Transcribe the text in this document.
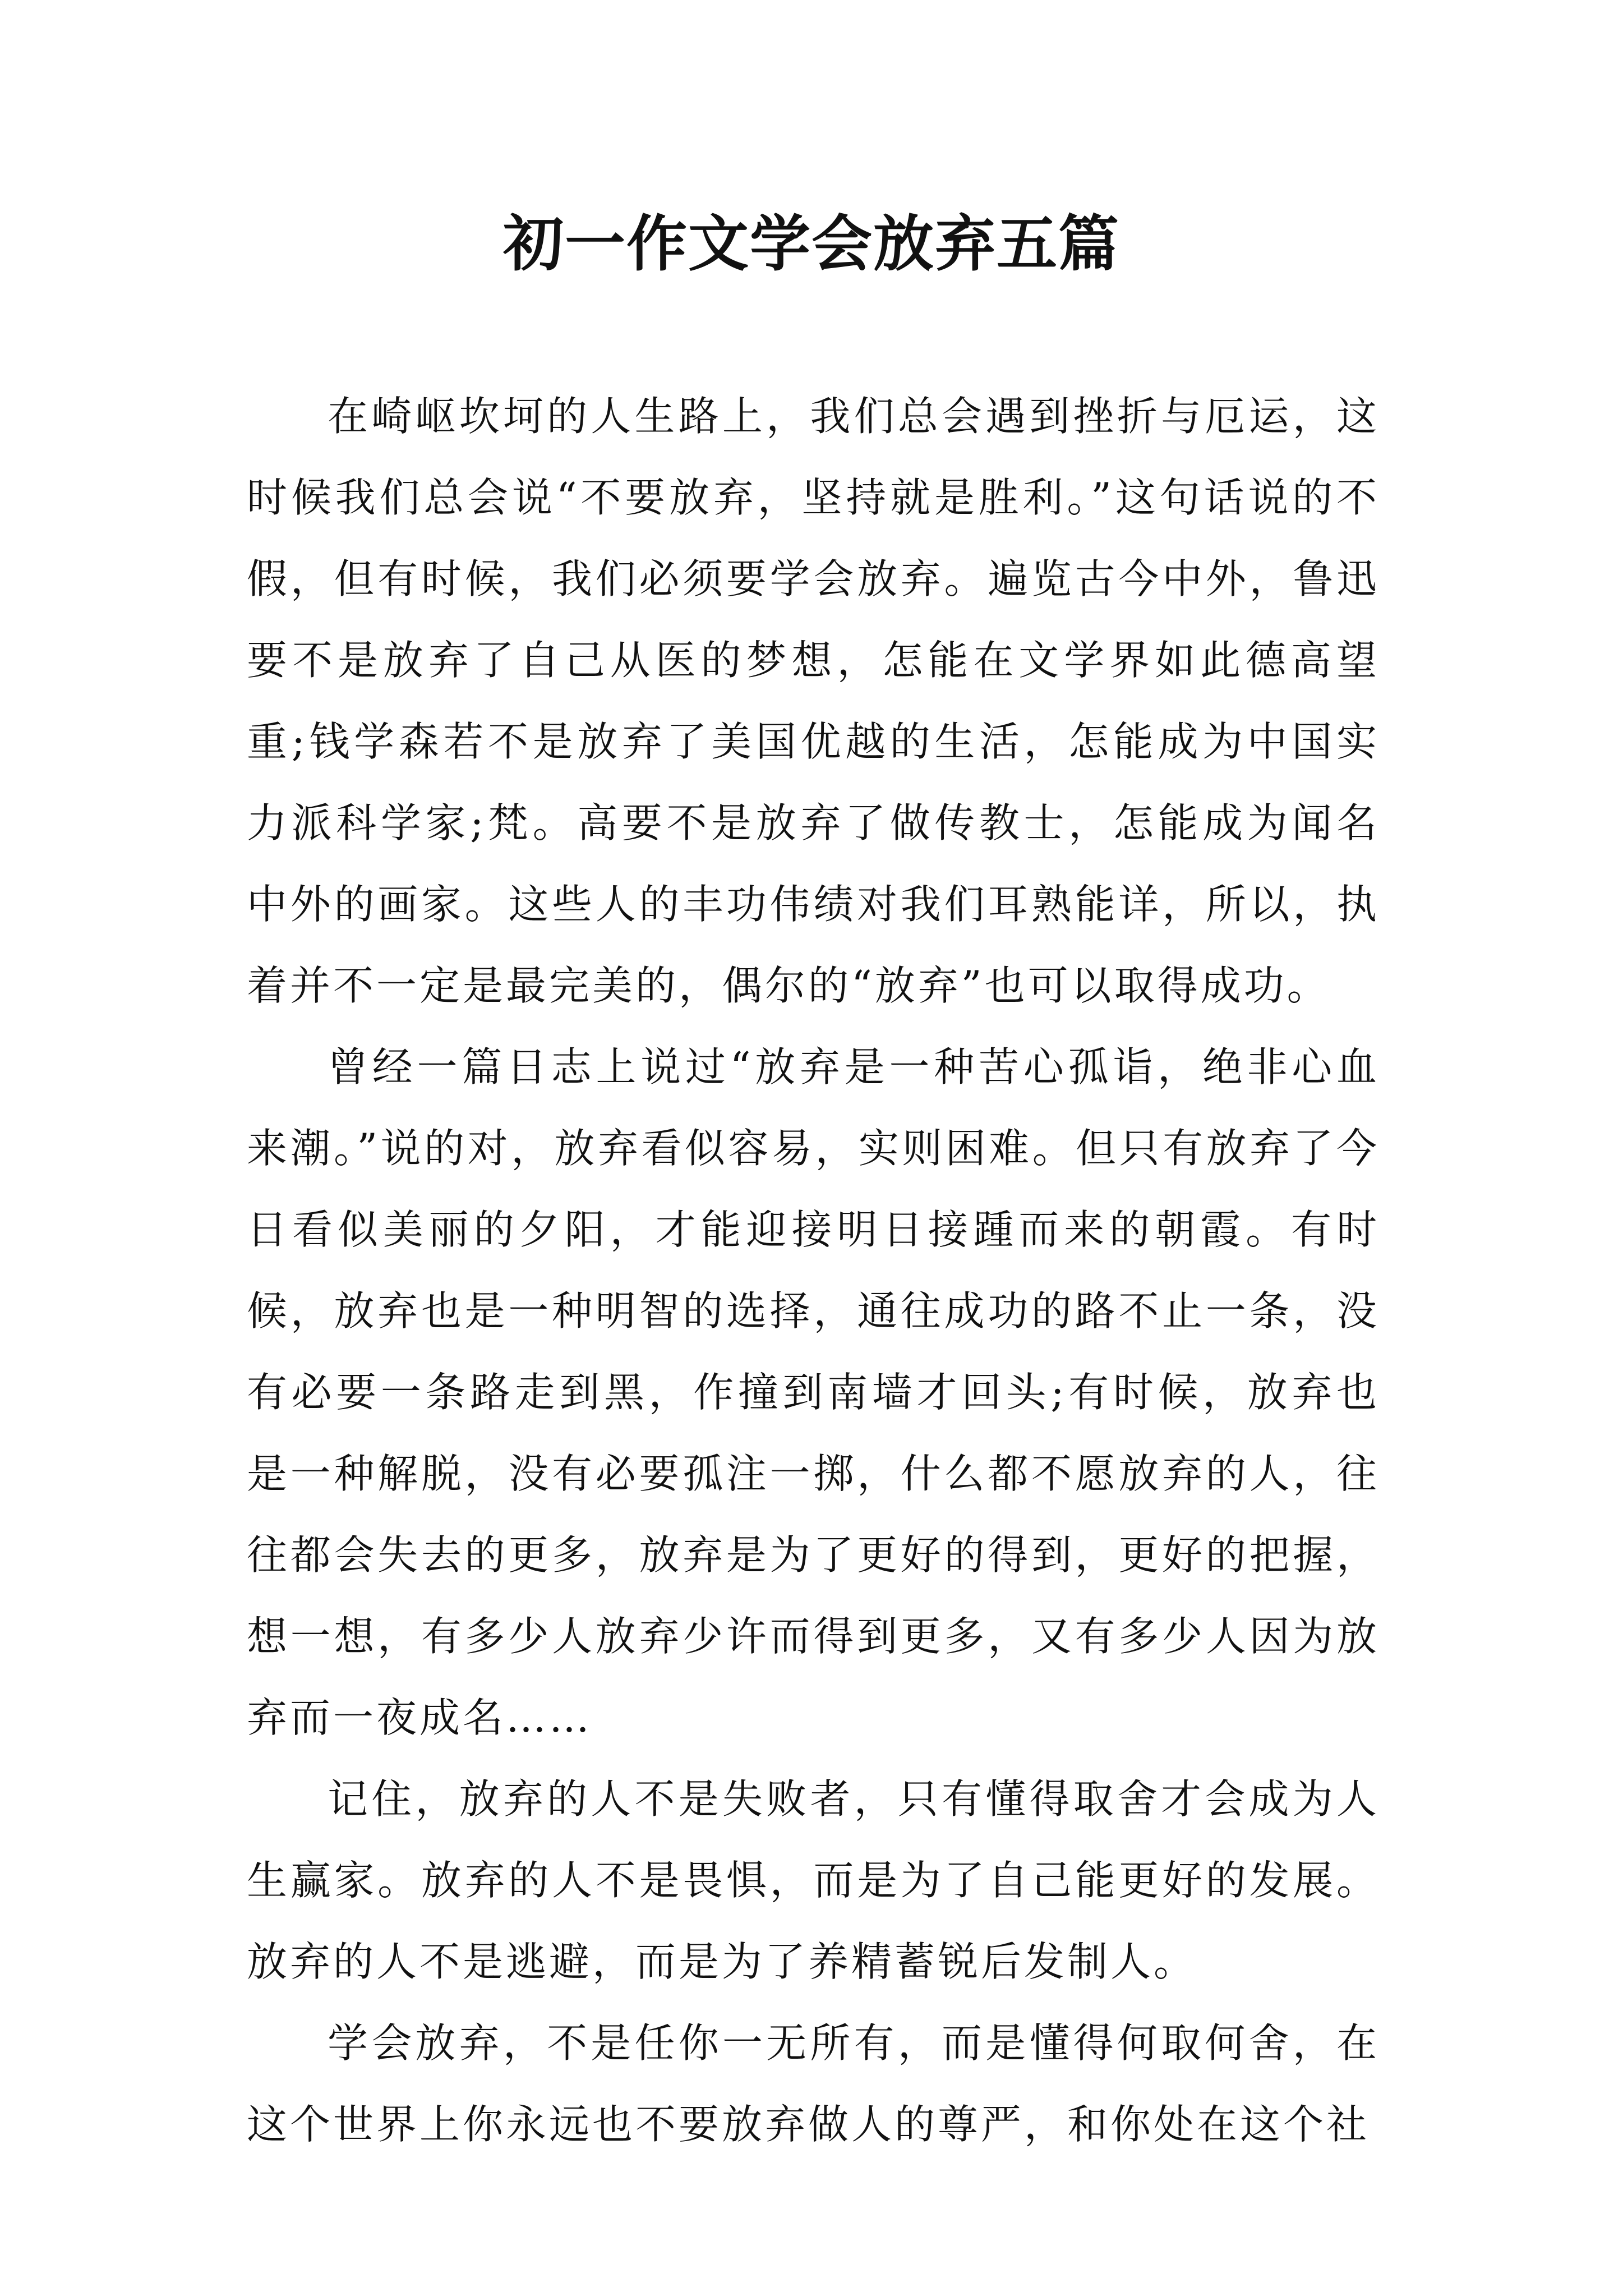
初一作文学会放弃五篇

在崎岖坎坷的人生路上，我们总会遇到挫折与厄运，这时候我们总会说“不要放弃，坚持就是胜利。”这句话说的不假，但有时候，我们必须要学会放弃。遍览古今中外，鲁迅要不是放弃了自己从医的梦想，怎能在文学界如此德高望重;钱学森若不是放弃了美国优越的生活，怎能成为中国实力派科学家;梵。高要不是放弃了做传教士，怎能成为闻名中外的画家。这些人的丰功伟绩对我们耳熟能详，所以，执着并不一定是最完美的，偶尔的“放弃”也可以取得成功。

曾经一篇日志上说过“放弃是一种苦心孤诣，绝非心血来潮。”说的对，放弃看似容易，实则困难。但只有放弃了今日看似美丽的夕阳，才能迎接明日接踵而来的朝霞。有时候，放弃也是一种明智的选择，通往成功的路不止一条，没有必要一条路走到黑，作撞到南墙才回头;有时候，放弃也是一种解脱，没有必要孤注一掷，什么都不愿放弃的人，往往都会失去的更多，放弃是为了更好的得到，更好的把握，想一想，有多少人放弃少许而得到更多，又有多少人因为放弃而一夜成名……

记住，放弃的人不是失败者，只有懂得取舍才会成为人生赢家。放弃的人不是畏惧，而是为了自己能更好的发展。放弃的人不是逃避，而是为了养精蓄锐后发制人。

学会放弃，不是任你一无所有，而是懂得何取何舍，在这个世界上你永远也不要放弃做人的尊严，和你处在这个社
